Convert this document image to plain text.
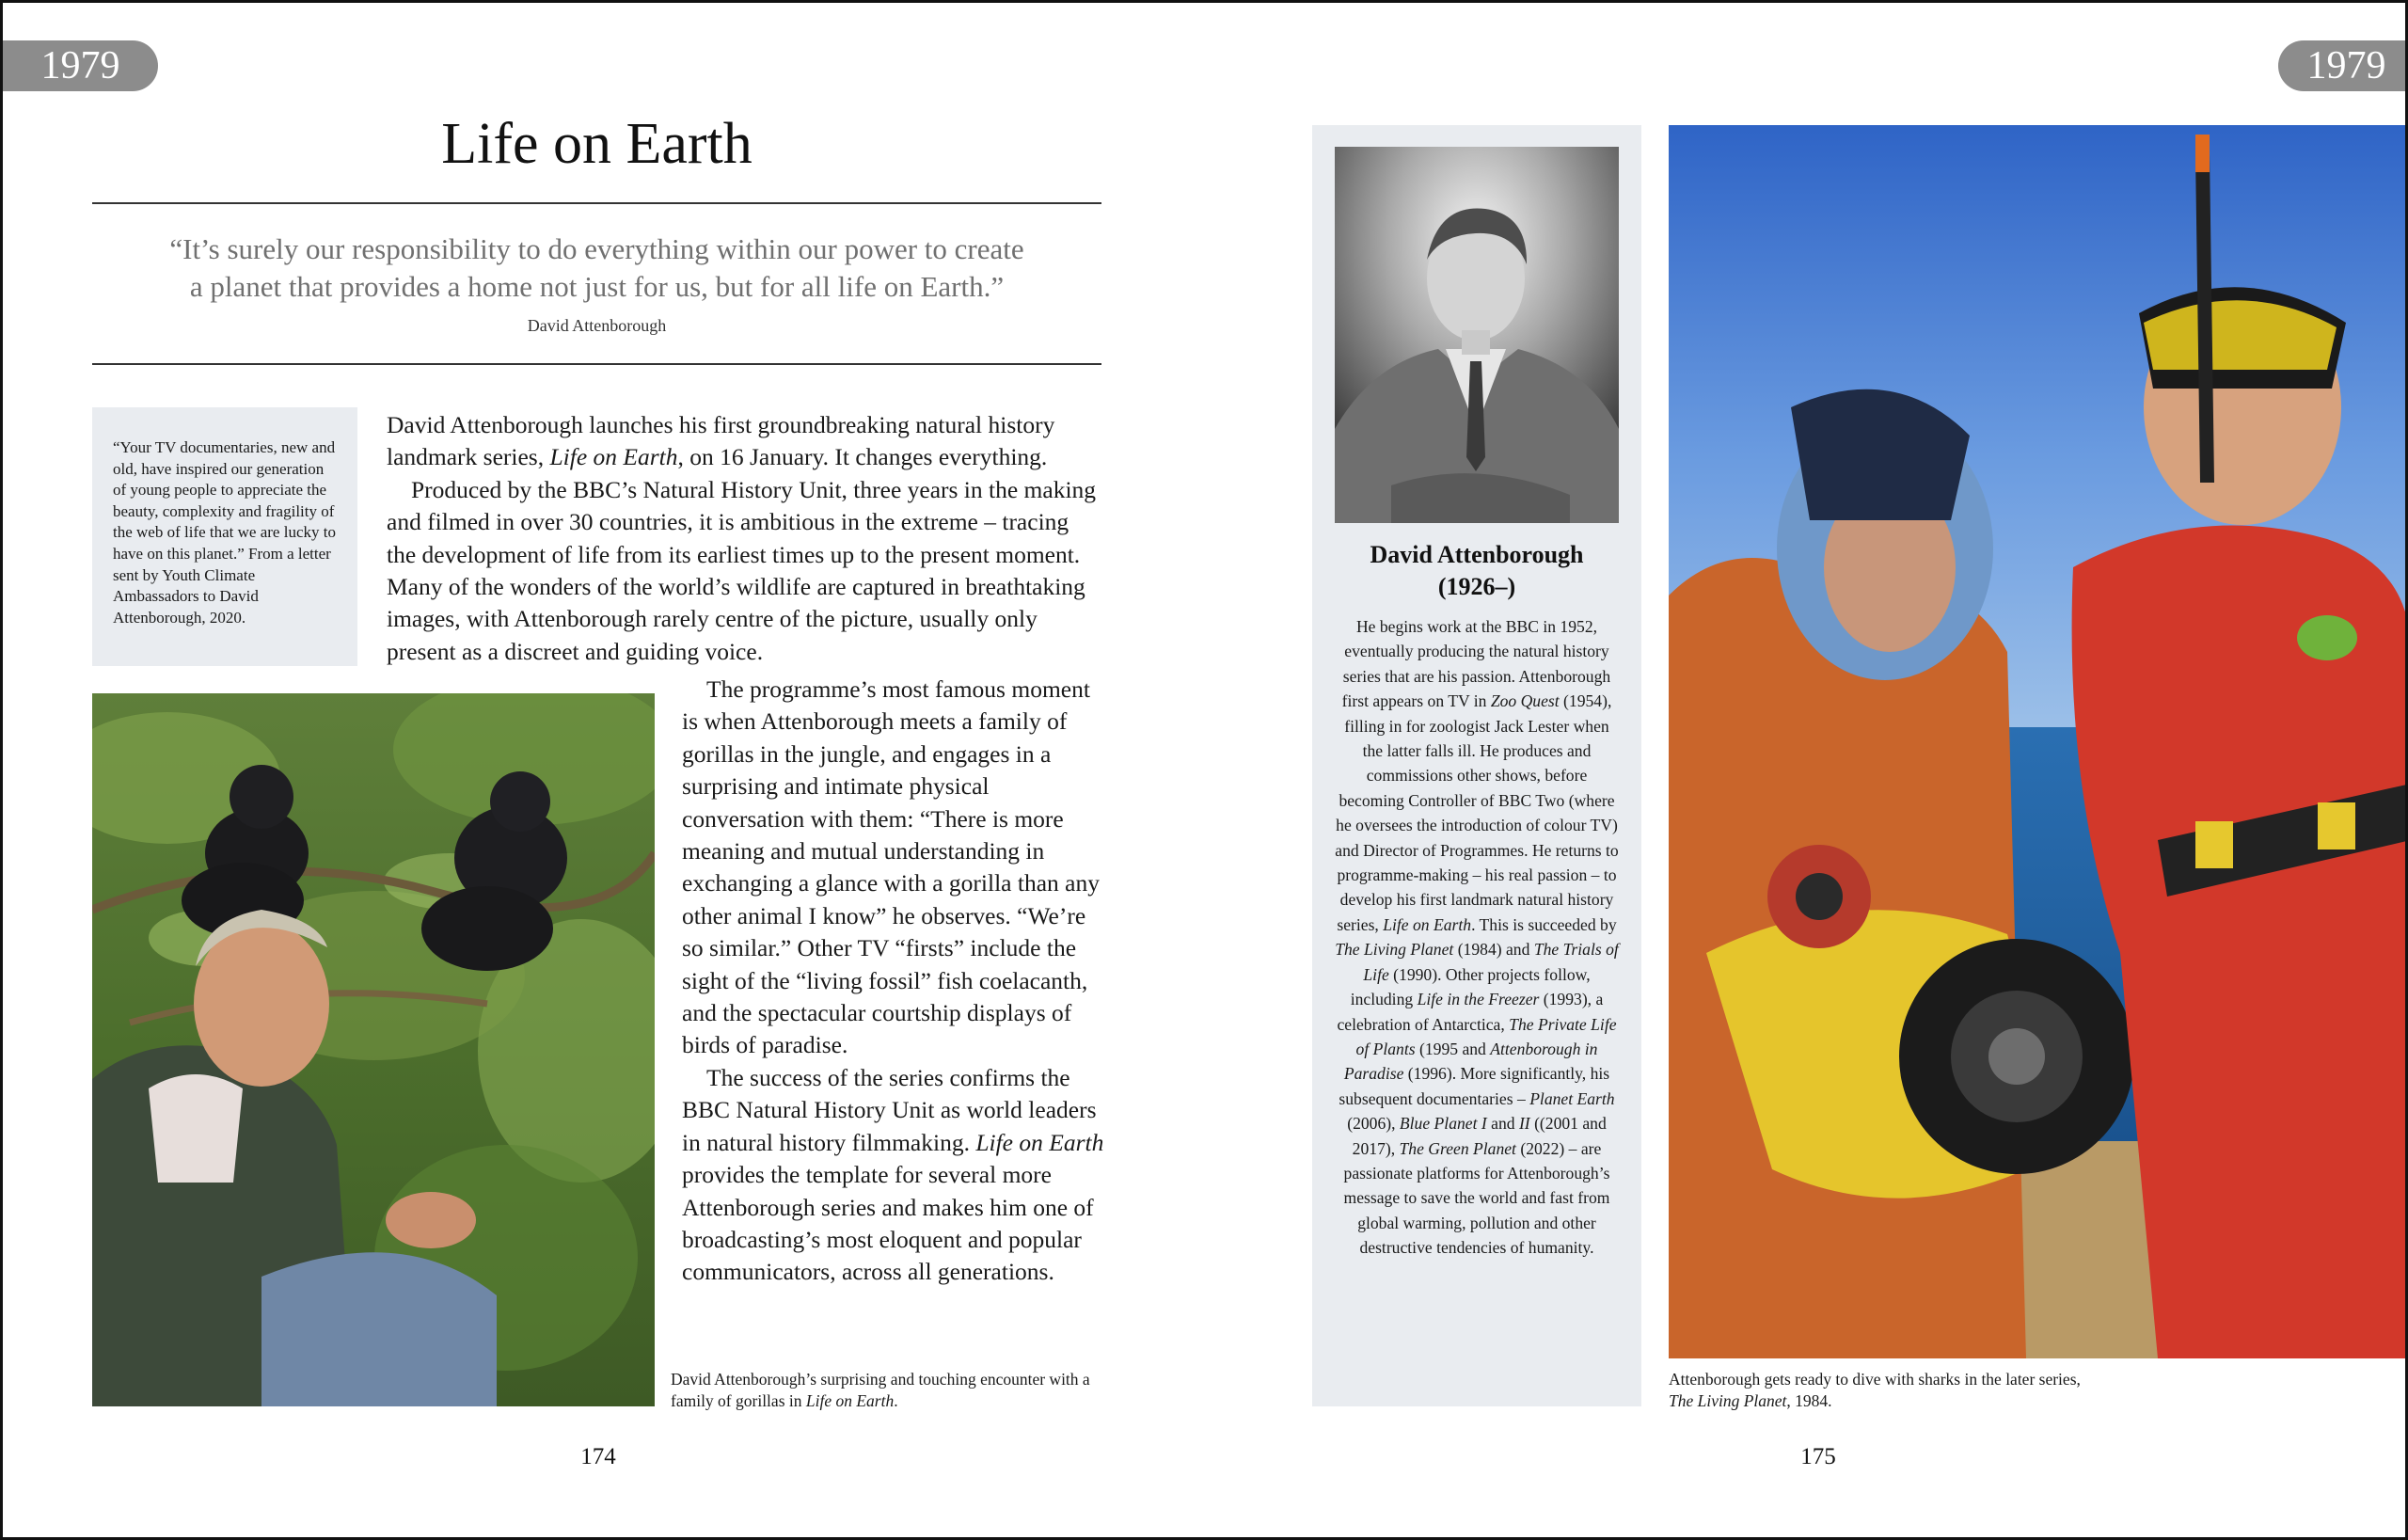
1979
Life on Earth
“It’s surely our responsibility to do everything within our power to create
a planet that provides a home not just for us, but for all life on Earth.”
David Attenborough
“Your TV documentaries, new and old, have inspired our generation of young people to appreciate the beauty, complexity and fragility of the web of life that we are lucky to have on this planet.” From a letter sent by Youth Climate Ambassadors to David Attenborough, 2020.

David Attenborough launches his first groundbreaking natural history landmark series, Life on Earth, on 16 January. It changes everything.

Produced by the BBC’s Natural History Unit, three years in the making and filmed in over 30 countries, it is ambitious in the extreme – tracing the development of life from its earliest times up to the present moment. Many of the wonders of the world’s wildlife are captured in breathtaking images, with Attenborough rarely centre of the picture, usually only present as a discreet and guiding voice.

The programme’s most famous moment is when Attenborough meets a family of gorillas in the jungle, and engages in a surprising and intimate physical conversation with them: “There is more meaning and mutual understanding in exchanging a glance with a gorilla than any other animal I know” he observes. “We’re so similar.” Other TV “firsts” include the sight of the “living fossil” fish coelacanth, and the spectacular courtship displays of birds of paradise.

The success of the series confirms the BBC Natural History Unit as world leaders in natural history filmmaking. Life on Earth provides the template for several more Attenborough series and makes him one of broadcasting’s most eloquent and popular communicators, across all generations.

David Attenborough’s surprising and touching encounter with a family of gorillas in Life on Earth.
174
1979
David Attenborough
(1926–)
He begins work at the BBC in 1952, eventually producing the natural history series that are his passion. Attenborough first appears on TV in Zoo Quest (1954), filling in for zoologist Jack Lester when the latter falls ill. He produces and commissions other shows, before becoming Controller of BBC Two (where he oversees the introduction of colour TV) and Director of Programmes. He returns to programme-making – his real passion – to develop his first landmark natural history series, Life on Earth. This is succeeded by The Living Planet (1984) and The Trials of Life (1990). Other projects follow, including Life in the Freezer (1993), a celebration of Antarctica, The Private Life of Plants (1995 and Attenborough in Paradise (1996). More significantly, his subsequent documentaries – Planet Earth (2006), Blue Planet I and II ((2001 and 2017), The Green Planet (2022) – are passionate platforms for Attenborough’s message to save the world and fast from global warming, pollution and other destructive tendencies of humanity.
Attenborough gets ready to dive with sharks in the later series, The Living Planet, 1984.
175
